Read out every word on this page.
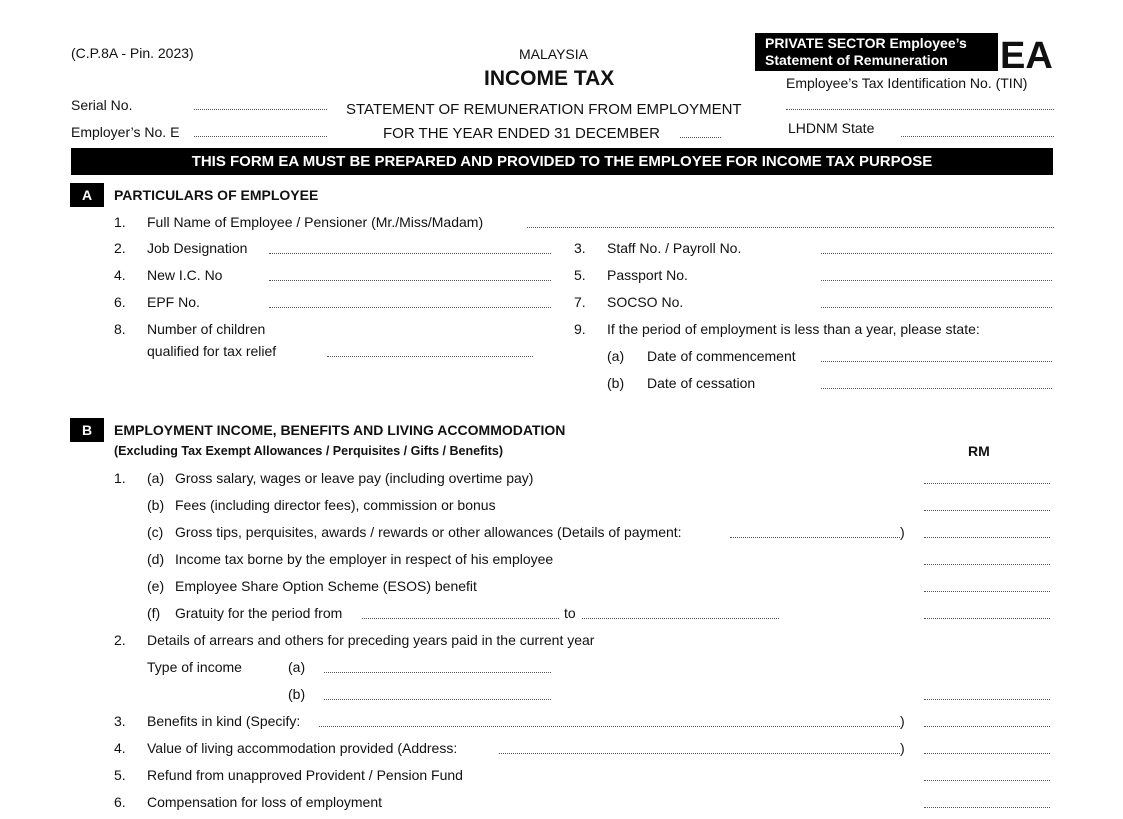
(C.P.8A - Pin. 2023)	MALAYSIA
INCOME TAX
PRIVATE SECTOR Employee’s
Statement of Remuneration	EA
Employee’s Tax Identification No. (TIN)
Serial No.	STATEMENT OF REMUNERATION FROM EMPLOYMENT
Employer’s No. E	FOR THE YEAR ENDED 31 DECEMBER	LHDNM State
THIS FORM EA MUST BE PREPARED AND PROVIDED TO THE EMPLOYEE FOR INCOME TAX PURPOSE
A	PARTICULARS OF EMPLOYEE
1. Full Name of Employee / Pensioner (Mr./Miss/Madam)
2. Job Designation	3. Staff No. / Payroll No.
4. New I.C. No	5. Passport No.
6. EPF No.	7. SOCSO No.
8. Number of children
qualified for tax relief
9. If the period of employment is less than a year, please state:
(a) Date of commencement
(b) Date of cessation
B	EMPLOYMENT INCOME, BENEFITS AND LIVING ACCOMMODATION
(Excluding Tax Exempt Allowances / Perquisites / Gifts / Benefits)	RM
1. (a) Gross salary, wages or leave pay (including overtime pay)
(b) Fees (including director fees), commission or bonus
(c) Gross tips, perquisites, awards / rewards or other allowances (Details of payment:	)
(d) Income tax borne by the employer in respect of his employee
(e) Employee Share Option Scheme (ESOS) benefit
(f) Gratuity for the period from	to
2. Details of arrears and others for preceding years paid in the current year
Type of income	(a)
(b)
3. Benefits in kind (Specify:	)
4. Value of living accommodation provided (Address:	)
5. Refund from unapproved Provident / Pension Fund
6. Compensation for loss of employment
